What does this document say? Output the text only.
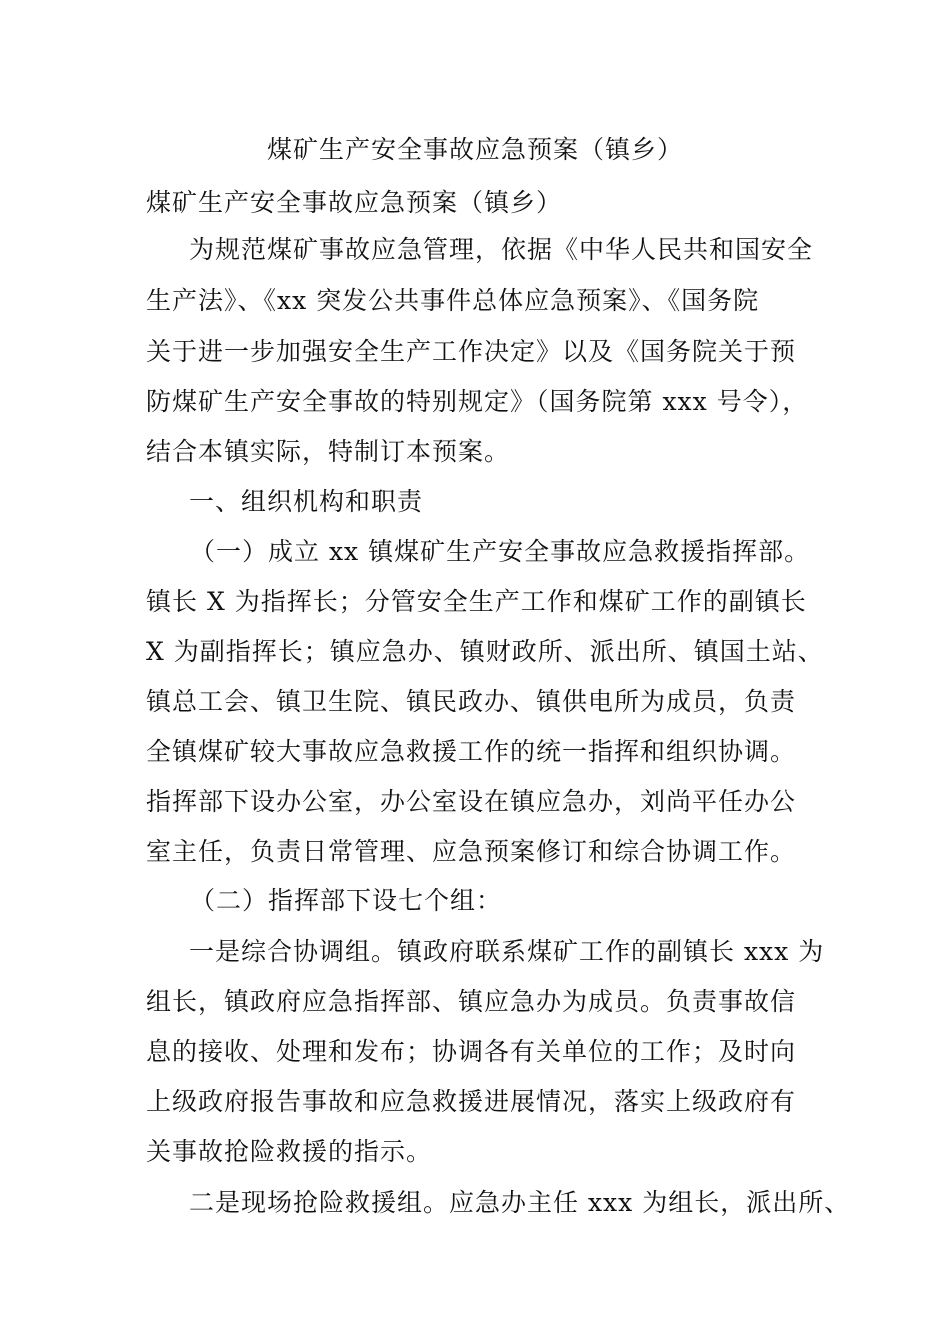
煤矿生产安全事故应急预案（镇乡）
煤矿生产安全事故应急预案（镇乡）
为规范煤矿事故应急管理，依据《中华人民共和国安全
生产法》、《xx 突发公共事件总体应急预案》、《国务院
关于进一步加强安全生产工作决定》以及《国务院关于预
防煤矿生产安全事故的特别规定》（国务院第 xxx 号令），
结合本镇实际，特制订本预案。
一、组织机构和职责
（一）成立 xx 镇煤矿生产安全事故应急救援指挥部。
镇长 X 为指挥长；分管安全生产工作和煤矿工作的副镇长
X 为副指挥长；镇应急办、镇财政所、派出所、镇国土站、
镇总工会、镇卫生院、镇民政办、镇供电所为成员，负责
全镇煤矿较大事故应急救援工作的统一指挥和组织协调。
指挥部下设办公室，办公室设在镇应急办，刘尚平任办公
室主任，负责日常管理、应急预案修订和综合协调工作。
（二）指挥部下设七个组：
一是综合协调组。镇政府联系煤矿工作的副镇长 xxx 为
组长，镇政府应急指挥部、镇应急办为成员。负责事故信
息的接收、处理和发布；协调各有关单位的工作；及时向
上级政府报告事故和应急救援进展情况，落实上级政府有
关事故抢险救援的指示。
二是现场抢险救援组。应急办主任 xxx 为组长，派出所、
